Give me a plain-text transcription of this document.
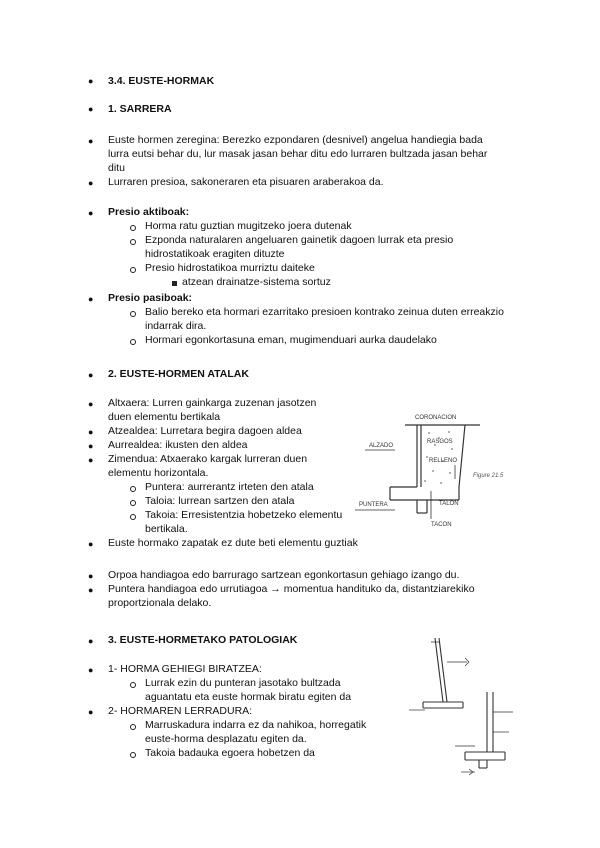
● 3.4. EUSTE-HORMAK
● 1. SARRERA
● Euste hormen zeregina: Berezko ezpondaren (desnivel) angelua handiegia bada
lurra eutsi behar du, lur masak jasan behar ditu edo lurraren bultzada jasan behar
ditu
● Lurraren presioa, sakoneraren eta pisuaren araberakoa da.
● Presio aktiboak:
Horma ratu guztian mugitzeko joera dutenak
Ezponda naturalaren angeluaren gainetik dagoen lurrak eta presio
hidrostatikoak eragiten dituzte
Presio hidrostatikoa murriztu daiteke
atzean drainatze-sistema sortuz
● Presio pasiboak:
Balio bereko eta hormari ezarritako presioen kontrako zeinua duten erreakzio
indarrak dira.
Hormari egonkortasuna eman, mugimenduari aurka daudelako
● 2. EUSTE-HORMEN ATALAK
● Altxaera: Lurren gainkarga zuzenan jasotzen
duen elementu bertikala
● Atzealdea: Lurretara begira dagoen aldea
● Aurrealdea: ikusten den aldea
● Zimendua: Atxaerako kargak lurreran duen
elementu horizontala.
Puntera: aurrerantz irteten den atala
Taloia: lurrean sartzen den atala
Takoia: Erresistentzia hobetzeko elementu
bertikala.
● Euste hormako zapatak ez dute beti elementu guztiak
● Orpoa handiagoa edo barrurago sartzean egonkortasun gehiago izango du.
● Puntera handiagoa edo urrutiagoa → momentua handituko da, distantziarekiko
proportzionala delako.
CORONACION
RASGOS
RELLENO
ALZADO
PUNTERA	TALON
TACON
Figure 21.5
● 3. EUSTE-HORMETAKO PATOLOGIAK
● 1- HORMA GEHIEGI BIRATZEA:
Lurrak ezin du punteran jasotako bultzada
aguantatu eta euste hormak biratu egiten da
● 2- HORMAREN LERRADURA:
Marruskadura indarra ez da nahikoa, horregatik
euste-horma desplazatu egiten da.
Takoia badauka egoera hobetzen da
